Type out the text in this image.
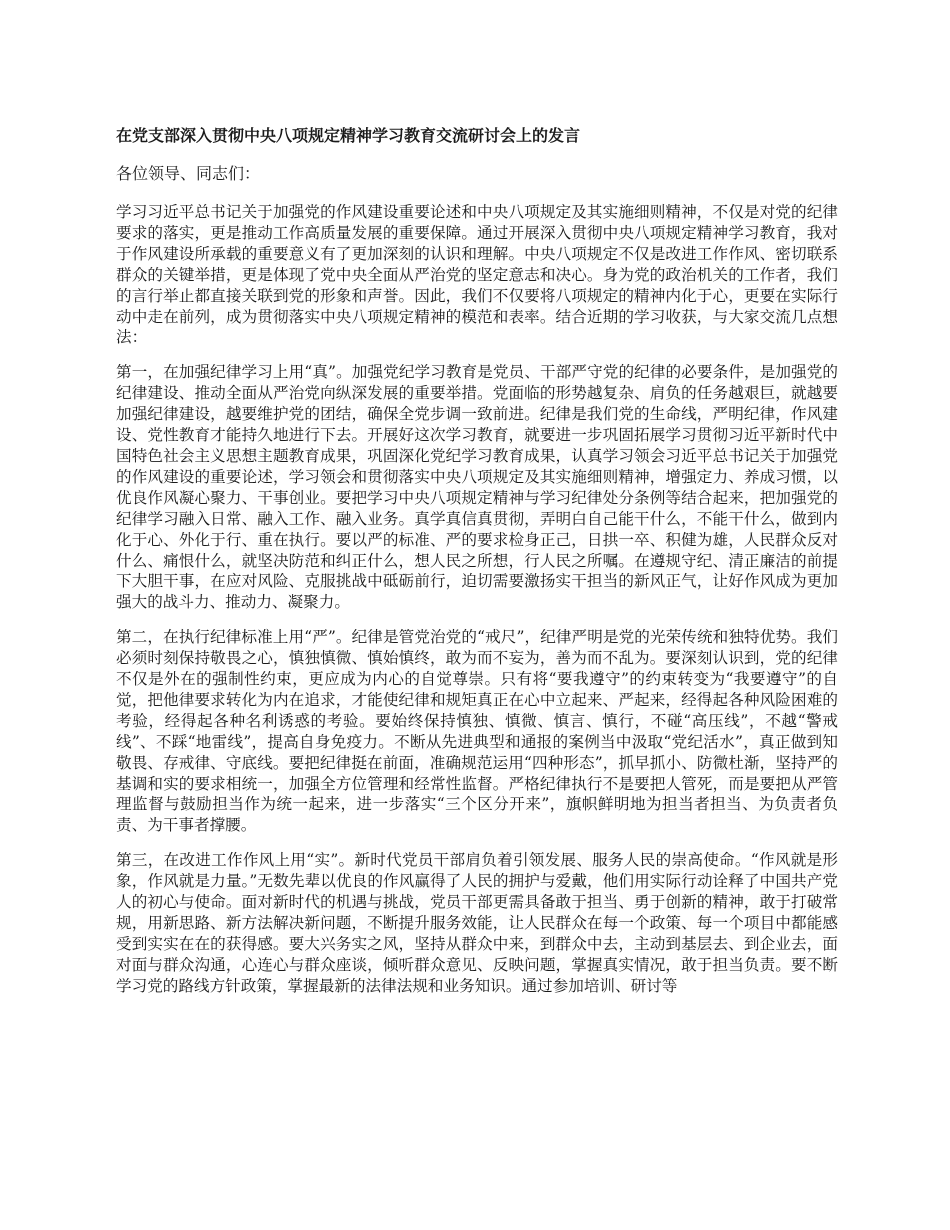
在党支部深入贯彻中央八项规定精神学习教育交流研讨会上的发言
各位领导、同志们：
学习习近平总书记关于加强党的作风建设重要论述和中央八项规定及其实施细则精神，不仅是对党的纪律要求的落实，更是推动工作高质量发展的重要保障。通过开展深入贯彻中央八项规定精神学习教育，我对于作风建设所承载的重要意义有了更加深刻的认识和理解。中央八项规定不仅是改进工作作风、密切联系群众的关键举措，更是体现了党中央全面从严治党的坚定意志和决心。身为党的政治机关的工作者，我们的言行举止都直接关联到党的形象和声誉。因此，我们不仅要将八项规定的精神内化于心，更要在实际行动中走在前列，成为贯彻落实中央八项规定精神的模范和表率。结合近期的学习收获，与大家交流几点想法：
第一，在加强纪律学习上用“真”。加强党纪学习教育是党员、干部严守党的纪律的必要条件，是加强党的纪律建设、推动全面从严治党向纵深发展的重要举措。党面临的形势越复杂、肩负的任务越艰巨，就越要加强纪律建设，越要维护党的团结，确保全党步调一致前进。纪律是我们党的生命线，严明纪律，作风建设、党性教育才能持久地进行下去。开展好这次学习教育，就要进一步巩固拓展学习贯彻习近平新时代中国特色社会主义思想主题教育成果，巩固深化党纪学习教育成果，认真学习领会习近平总书记关于加强党的作风建设的重要论述，学习领会和贯彻落实中央八项规定及其实施细则精神，增强定力、养成习惯，以优良作风凝心聚力、干事创业。要把学习中央八项规定精神与学习纪律处分条例等结合起来，把加强党的纪律学习融入日常、融入工作、融入业务。真学真信真贯彻，弄明白自己能干什么，不能干什么，做到内化于心、外化于行、重在执行。要以严的标准、严的要求检身正己，日拱一卒、积健为雄，人民群众反对什么、痛恨什么，就坚决防范和纠正什么，想人民之所想，行人民之所嘱。在遵规守纪、清正廉洁的前提下大胆干事，在应对风险、克服挑战中砥砺前行，迫切需要激扬实干担当的新风正气，让好作风成为更加强大的战斗力、推动力、凝聚力。
第二，在执行纪律标准上用“严”。纪律是管党治党的“戒尺”，纪律严明是党的光荣传统和独特优势。我们必须时刻保持敬畏之心，慎独慎微、慎始慎终，敢为而不妄为，善为而不乱为。要深刻认识到，党的纪律不仅是外在的强制性约束，更应成为内心的自觉尊崇。只有将“要我遵守”的约束转变为“我要遵守”的自觉，把他律要求转化为内在追求，才能使纪律和规矩真正在心中立起来、严起来，经得起各种风险困难的考验，经得起各种名利诱惑的考验。要始终保持慎独、慎微、慎言、慎行，不碰“高压线”，不越“警戒线”、不踩“地雷线”，提高自身免疫力。不断从先进典型和通报的案例当中汲取“党纪活水”，真正做到知敬畏、存戒律、守底线。要把纪律挺在前面，准确规范运用“四种形态”，抓早抓小、防微杜渐，坚持严的基调和实的要求相统一，加强全方位管理和经常性监督。严格纪律执行不是要把人管死，而是要把从严管理监督与鼓励担当作为统一起来，进一步落实“三个区分开来”，旗帜鲜明地为担当者担当、为负责者负责、为干事者撑腰。
第三，在改进工作作风上用“实”。新时代党员干部肩负着引领发展、服务人民的崇高使命。“作风就是形象，作风就是力量。”无数先辈以优良的作风赢得了人民的拥护与爱戴，他们用实际行动诠释了中国共产党人的初心与使命。面对新时代的机遇与挑战，党员干部更需具备敢于担当、勇于创新的精神，敢于打破常规，用新思路、新方法解决新问题，不断提升服务效能，让人民群众在每一个政策、每一个项目中都能感受到实实在在的获得感。要大兴务实之风，坚持从群众中来，到群众中去，主动到基层去、到企业去，面对面与群众沟通，心连心与群众座谈，倾听群众意见、反映问题，掌握真实情况，敢于担当负责。要不断学习党的路线方针政策，掌握最新的法律法规和业务知识。通过参加培训、研讨等
